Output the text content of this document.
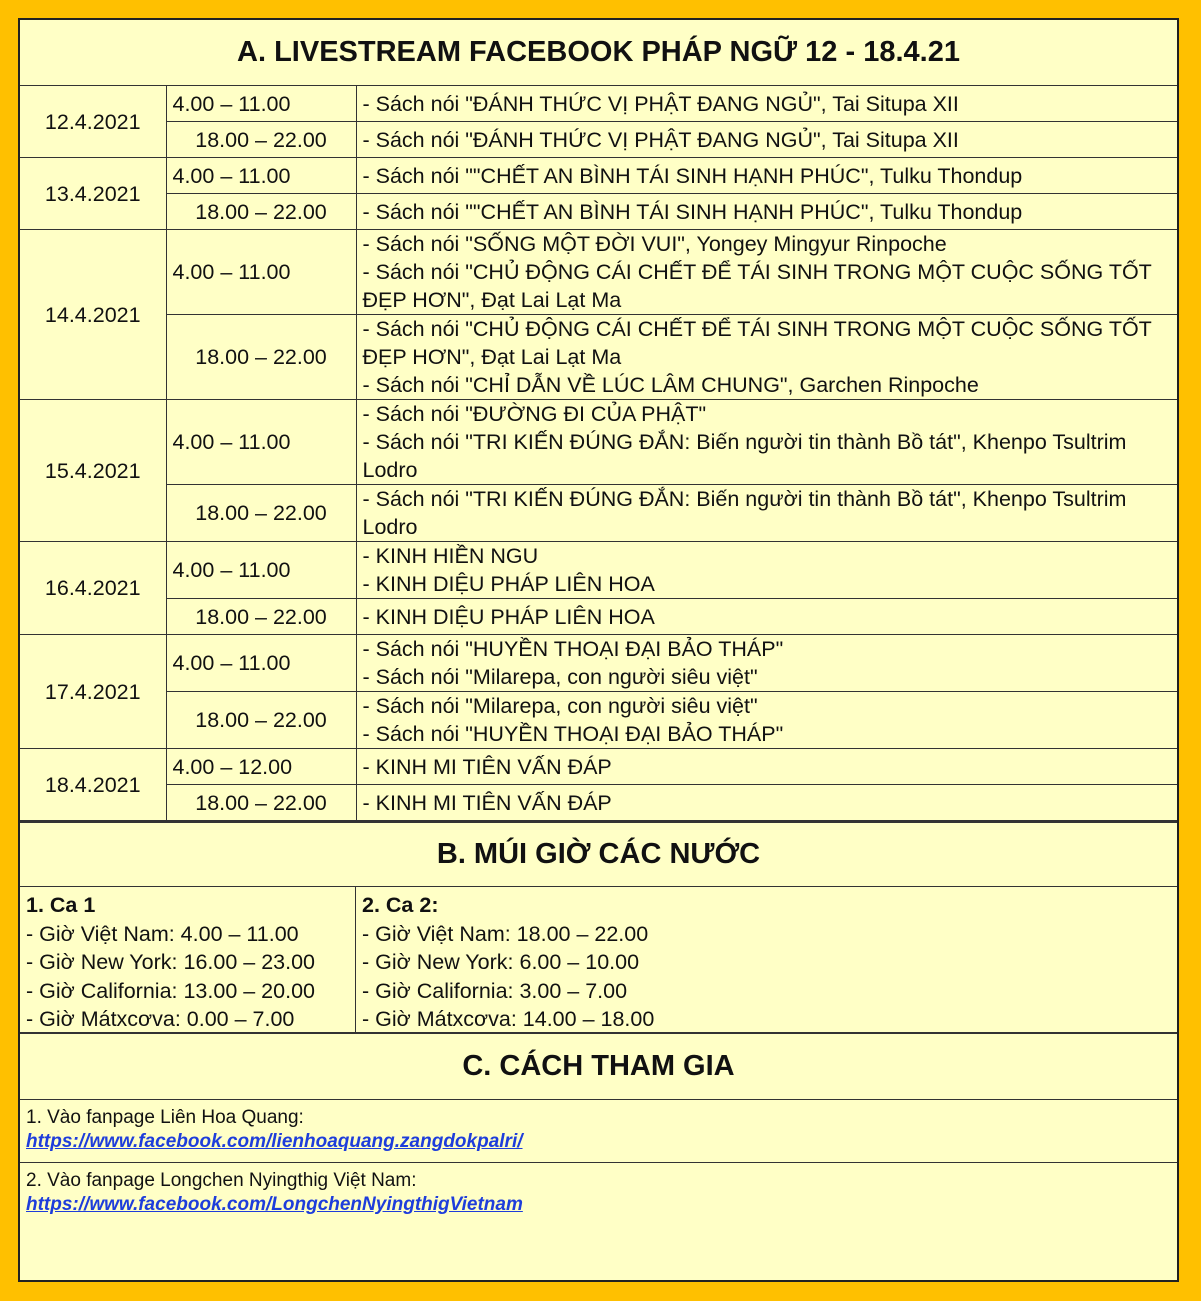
A. LIVESTREAM FACEBOOK PHÁP NGỮ 12 - 18.4.21
12.4.2021	4.00 – 11.00	- Sách nói "ĐÁNH THỨC VỊ PHẬT ĐANG NGỦ", Tai Situpa XII

	18.00 – 22.00	- Sách nói "ĐÁNH THỨC VỊ PHẬT ĐANG NGỦ", Tai Situpa XII

13.4.2021	4.00 – 11.00	- Sách nói ""CHẾT AN BÌNH TÁI SINH HẠNH PHÚC", Tulku Thondup

	18.00 – 22.00	- Sách nói ""CHẾT AN BÌNH TÁI SINH HẠNH PHÚC", Tulku Thondup

14.4.2021	4.00 – 11.00	- Sách nói "SỐNG MỘT ĐỜI VUI", Yongey Mingyur Rinpoche
- Sách nói "CHỦ ĐỘNG CÁI CHẾT ĐỂ TÁI SINH TRONG MỘT CUỘC SỐNG TỐT ĐẸP HƠN", Đạt Lai Lạt Ma

	18.00 – 22.00	- Sách nói "CHỦ ĐỘNG CÁI CHẾT ĐỂ TÁI SINH TRONG MỘT CUỘC SỐNG TỐT ĐẸP HƠN", Đạt Lai Lạt Ma
- Sách nói "CHỈ DẪN VỀ LÚC LÂM CHUNG", Garchen Rinpoche

15.4.2021	4.00 – 11.00	- Sách nói "ĐƯỜNG ĐI CỦA PHẬT"
- Sách nói "TRI KIẾN ĐÚNG ĐẮN: Biến người tin thành Bồ tát", Khenpo Tsultrim Lodro

	18.00 – 22.00	- Sách nói "TRI KIẾN ĐÚNG ĐẮN: Biến người tin thành Bồ tát", Khenpo Tsultrim Lodro

16.4.2021	4.00 – 11.00	- KINH HIỀN NGU
- KINH DIỆU PHÁP LIÊN HOA

	18.00 – 22.00	- KINH DIỆU PHÁP LIÊN HOA

17.4.2021	4.00 – 11.00	- Sách nói "HUYỀN THOẠI ĐẠI BẢO THÁP"
- Sách nói "Milarepa, con người siêu việt"

	18.00 – 22.00	- Sách nói "Milarepa, con người siêu việt"
- Sách nói "HUYỀN THOẠI ĐẠI BẢO THÁP"

18.4.2021	4.00 – 12.00	- KINH MI TIÊN VẤN ĐÁP

	18.00 – 22.00	- KINH MI TIÊN VẤN ĐÁP
B. MÚI GIỜ CÁC NƯỚC
1. Ca 1
- Giờ Việt Nam: 4.00 – 11.00
- Giờ New York: 16.00 – 23.00
- Giờ California: 13.00 – 20.00
- Giờ Mátxcơva: 0.00 – 7.00
2. Ca 2:
- Giờ Việt Nam: 18.00 – 22.00
- Giờ New York: 6.00 – 10.00
- Giờ California: 3.00 – 7.00
- Giờ Mátxcơva: 14.00 – 18.00
C. CÁCH THAM GIA
1. Vào fanpage Liên Hoa Quang:
https://www.facebook.com/lienhoaquang.zangdokpalri/
2. Vào fanpage Longchen Nyingthig Việt Nam:
https://www.facebook.com/LongchenNyingthigVietnam
